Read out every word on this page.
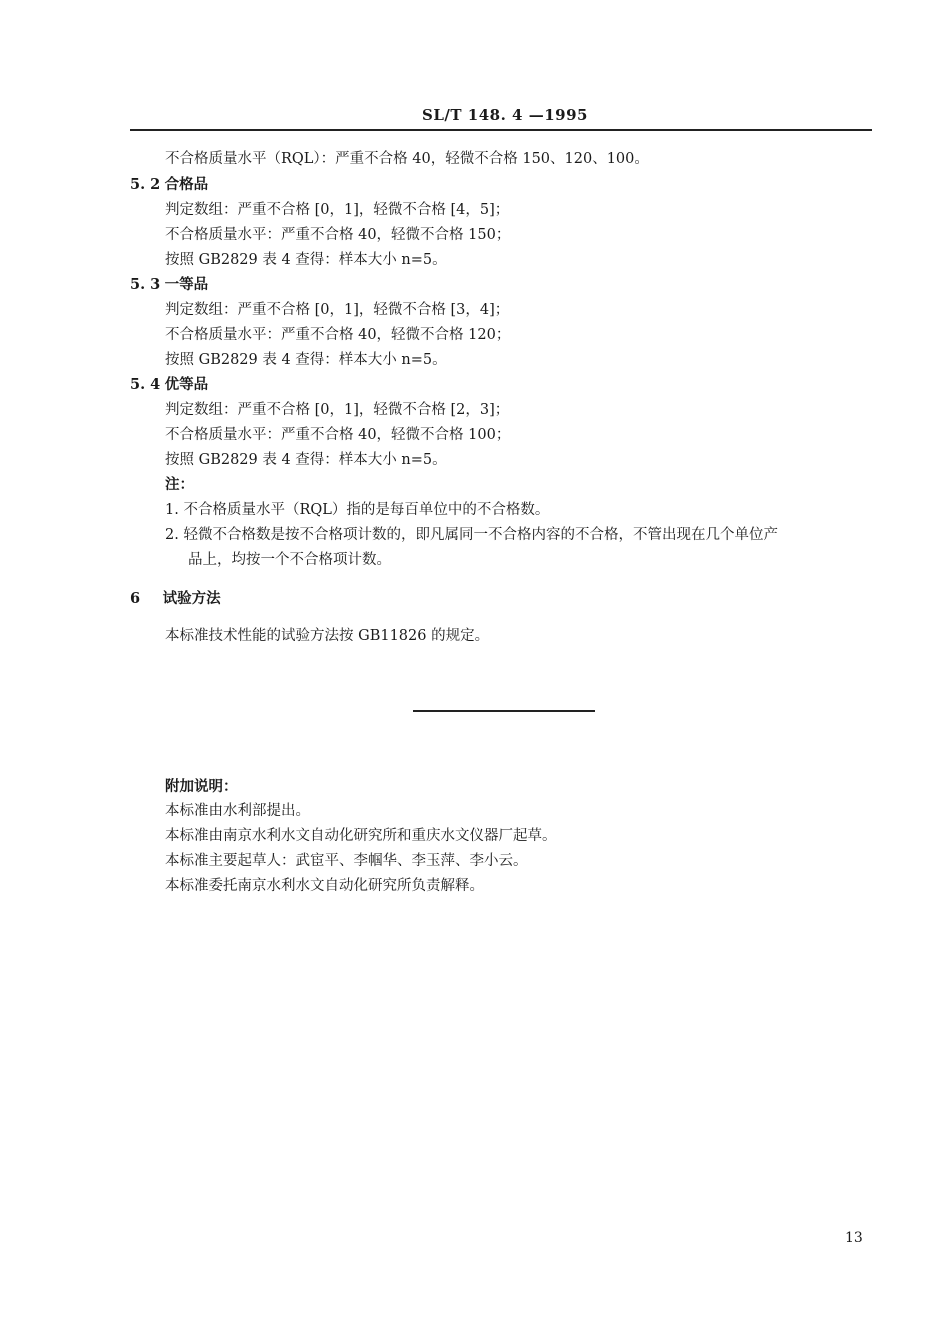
SL/T 148. 4 —1995
不合格质量水平（RQL）：严重不合格 40，轻微不合格 150、120、100。
5. 2 合格品
判定数组：严重不合格 [0，1]，轻微不合格 [4，5]；
不合格质量水平：严重不合格 40，轻微不合格 150；
按照 GB2829 表 4 查得：样本大小 n=5。
5. 3 一等品
判定数组：严重不合格 [0，1]，轻微不合格 [3，4]；
不合格质量水平：严重不合格 40，轻微不合格 120；
按照 GB2829 表 4 查得：样本大小 n=5。
5. 4 优等品
判定数组：严重不合格 [0，1]，轻微不合格 [2，3]；
不合格质量水平：严重不合格 40，轻微不合格 100；
按照 GB2829 表 4 查得：样本大小 n=5。
注：
1. 不合格质量水平（RQL）指的是每百单位中的不合格数。
2. 轻微不合格数是按不合格项计数的，即凡属同一不合格内容的不合格，不管出现在几个单位产
品上，均按一个不合格项计数。
6 试验方法
本标准技术性能的试验方法按 GB11826 的规定。
附加说明：
本标准由水利部提出。
本标准由南京水利水文自动化研究所和重庆水文仪器厂起草。
本标准主要起草人：武宦平、李帼华、李玉萍、李小云。
本标准委托南京水利水文自动化研究所负责解释。
13
